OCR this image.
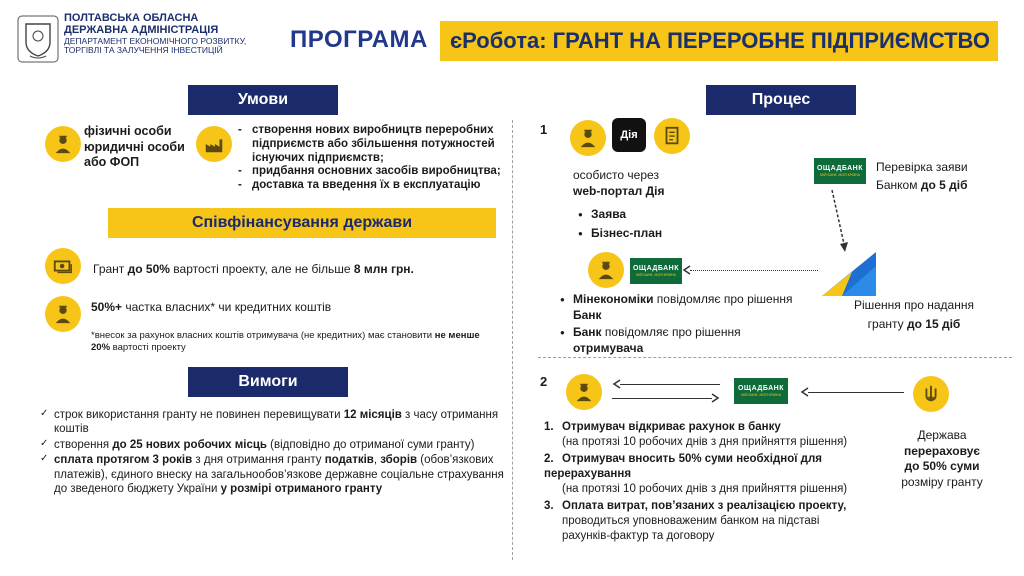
ПОЛТАВСЬКА ОБЛАСНА
ДЕРЖАВНА АДМІНІСТРАЦІЯ
ДЕПАРТАМЕНТ ЕКОНОМІЧНОГО РОЗВИТКУ, ТОРГІВЛІ ТА ЗАЛУЧЕННЯ ІНВЕСТИЦІЙ	ПРОГРАМА	єРобота: ГРАНТ НА ПЕРЕРОБНЕ ПІДПРИЄМСТВО
Умови
фізичні особи
юридичні особи
або ФОП
- створення нових виробництв переробних підприємств або збільшення потужностей існуючих підприємств;
- придбання основних засобів виробництва;
- доставка та введення їх в експлуатацію
Співфінансування держави
Грант до 50% вартості проекту, але не більше 8 млн грн.
50%+ частка власних* чи кредитних коштів
*внесок за рахунок власних коштів отримувача (не кредитних) має становити не менше 20% вартості проекту
Вимоги
✓ строк використання гранту не повинен перевищувати 12 місяців з часу отримання коштів
✓ створення до 25 нових робочих місць (відповідно до отриманої суми гранту)
✓ сплата протягом 3 років з дня отримання гранту податків, зборів (обов’язкових платежів), єдиного внеску на загальнообов’язкове державне соціальне страхування до зведеного бюджету України у розмірі отриманого гранту
Процес
1	Дія
особисто через
web-портал Дія
● Заява
● Бізнес-план
ОЩАДБАНК
МІЙ БАНК. МОЯ КРАЇНА
Перевірка заяви
Банком до 5 діб
Рішення про надання
гранту до 15 діб
ОЩАДБАНК
МІЙ БАНК. МОЯ КРАЇНА
● Мінекономіки повідомляє про рішення Банк
● Банк повідомляє про рішення отримувача
2	ОЩАДБАНК
МІЙ БАНК. МОЯ КРАЇНА
Держава
перераховує
до 50% суми
розміру гранту
1. Отримувач відкриває рахунок в банку
(на протязі 10 робочих днів з дня прийняття рішення)
2. Отримувач вносить 50% суми необхідної для перерахування
(на протязі 10 робочих днів з дня прийняття рішення)
3. Оплата витрат, пов’язаних з реалізацією проекту,
проводиться уповноваженим банком на підставі рахунків-фактур та договору
